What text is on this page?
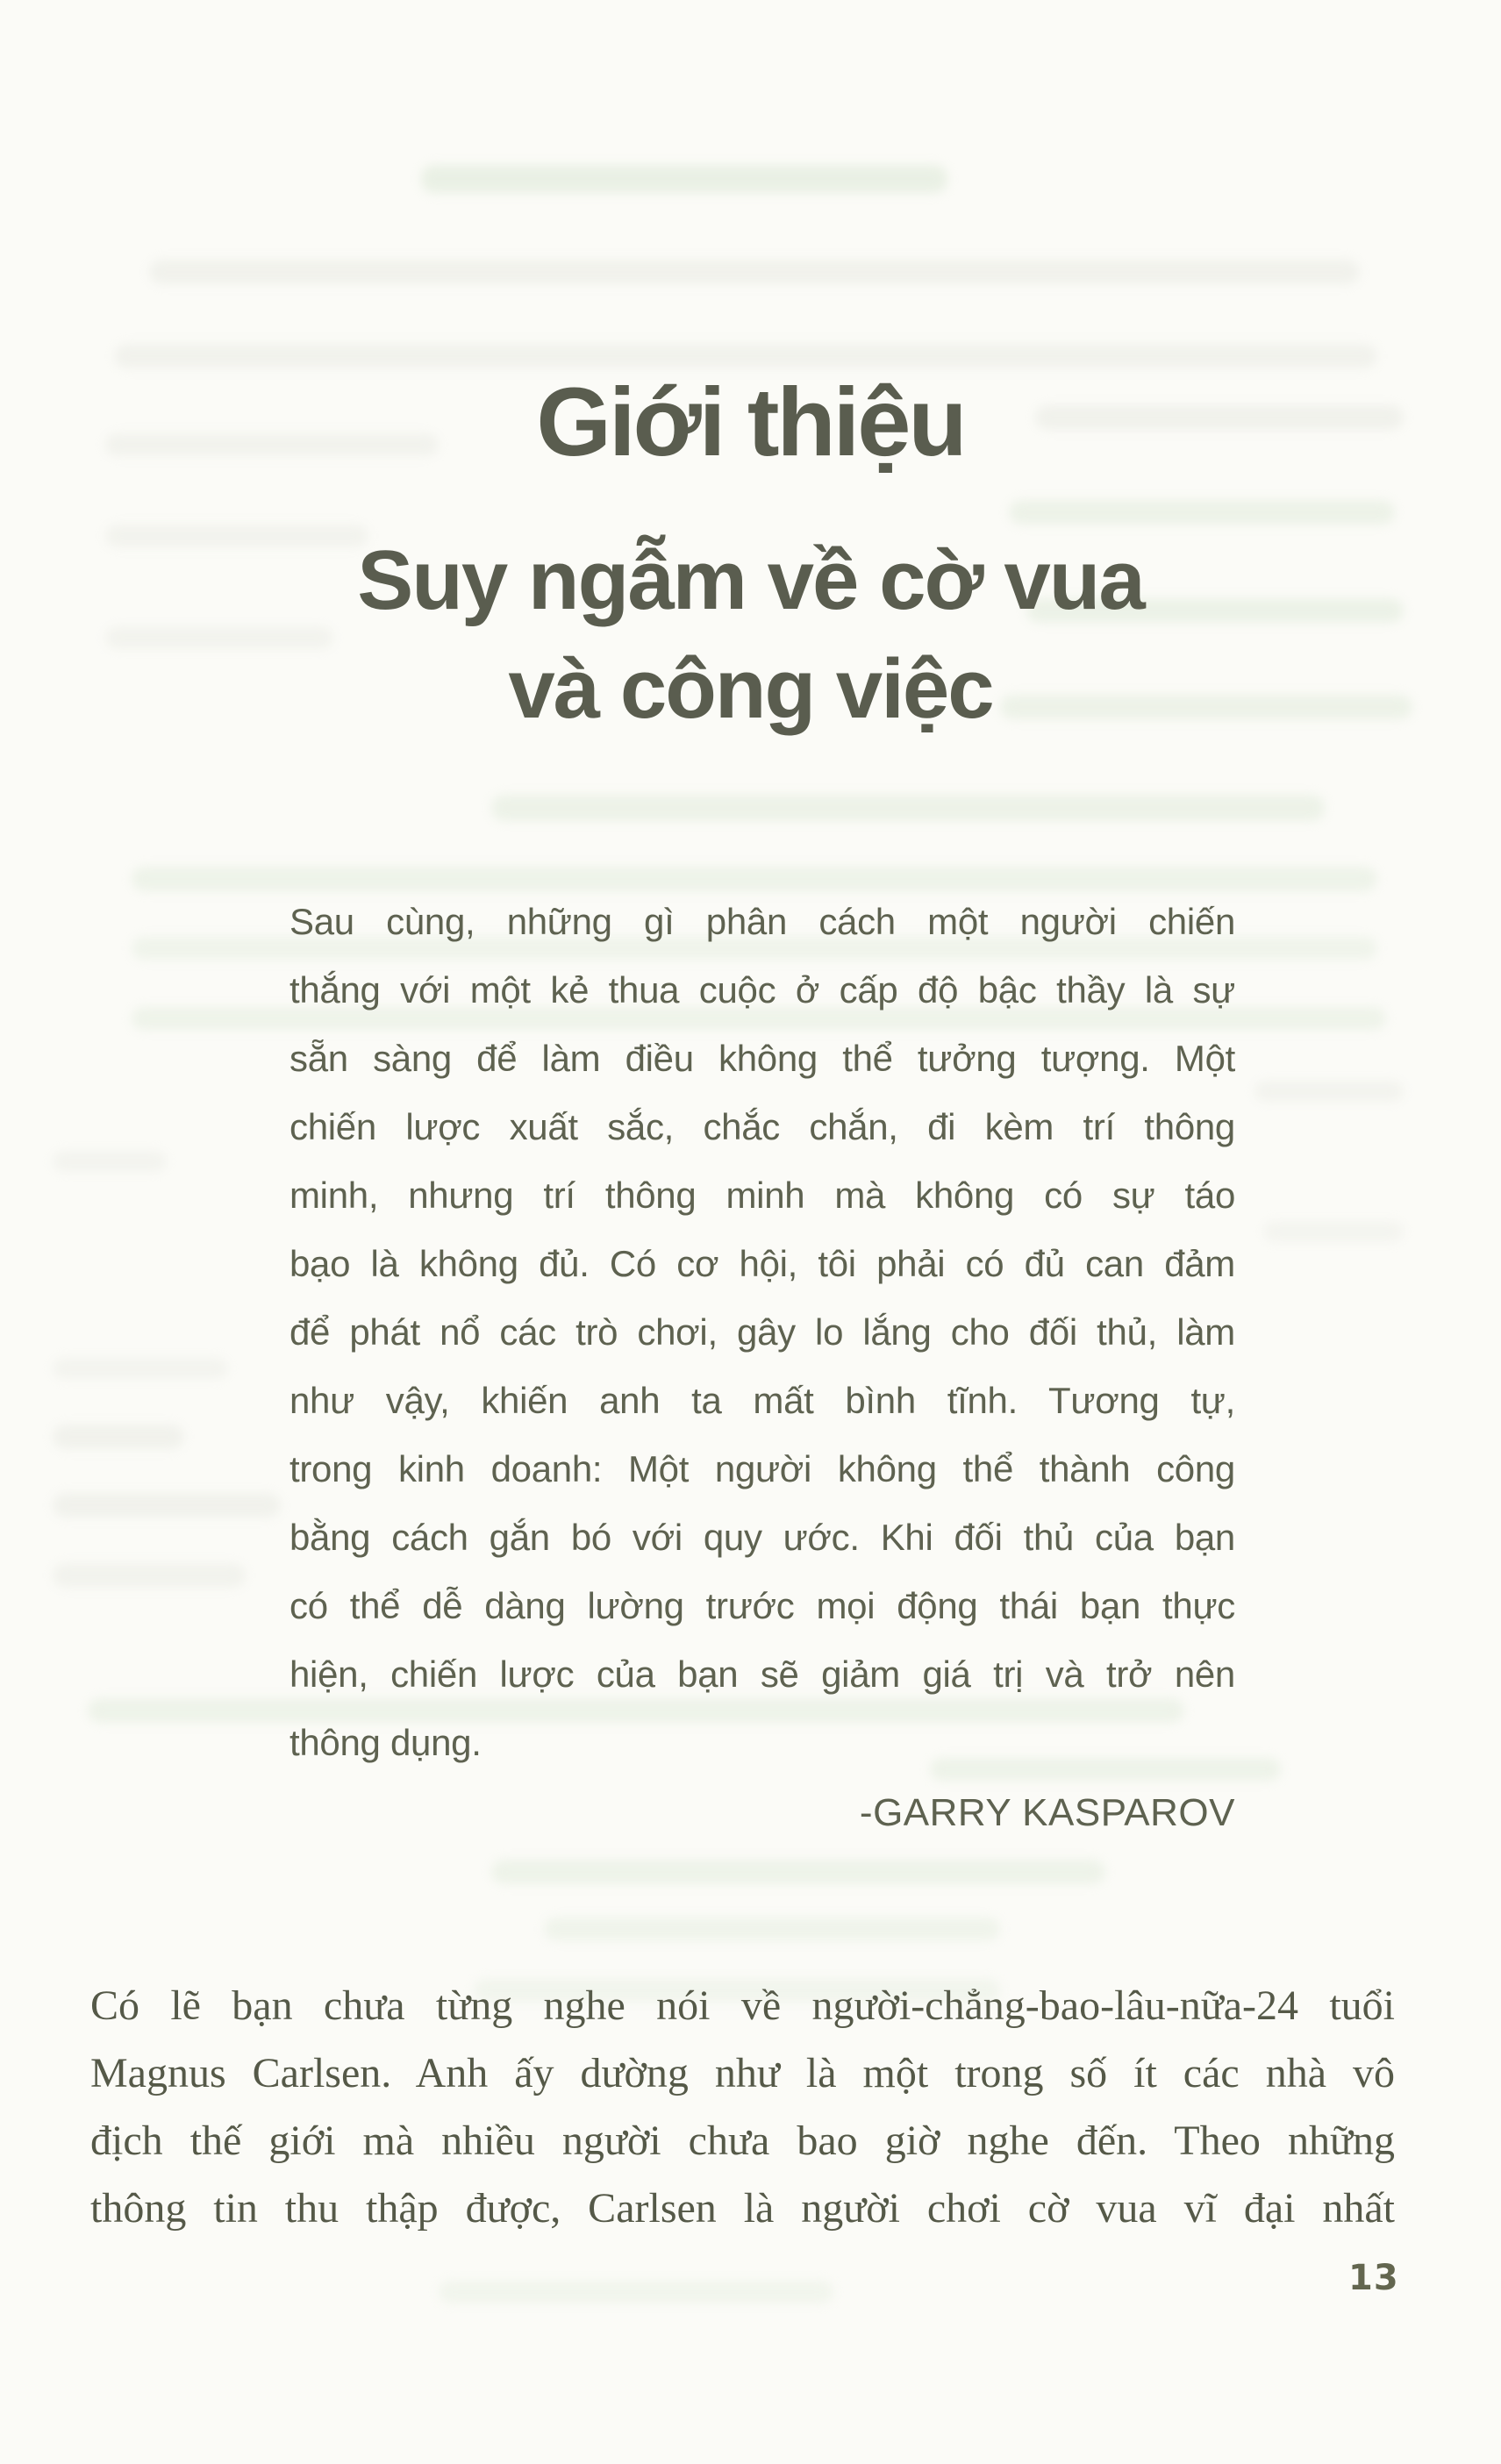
Giới thiệu
Suy ngẫm về cờ vua
và công việc
Sau cùng, những gì phân cách một người chiến
thắng với một kẻ thua cuộc ở cấp độ bậc thầy là sự
sẵn sàng để làm điều không thể tưởng tượng. Một
chiến lược xuất sắc, chắc chắn, đi kèm trí thông
minh, nhưng trí thông minh mà không có sự táo
bạo là không đủ. Có cơ hội, tôi phải có đủ can đảm
để phát nổ các trò chơi, gây lo lắng cho đối thủ, làm
như vậy, khiến anh ta mất bình tĩnh. Tương tự,
trong kinh doanh: Một người không thể thành công
bằng cách gắn bó với quy ước. Khi đối thủ của bạn
có thể dễ dàng lường trước mọi động thái bạn thực
hiện, chiến lược của bạn sẽ giảm giá trị và trở nên
thông dụng.
-GARRY KASPAROV
Có lẽ bạn chưa từng nghe nói về người-chẳng-bao-lâu-nữa-24 tuổi
Magnus Carlsen. Anh ấy dường như là một trong số ít các nhà vô
địch thế giới mà nhiều người chưa bao giờ nghe đến. Theo những
thông tin thu thập được, Carlsen là người chơi cờ vua vĩ đại nhất
13
